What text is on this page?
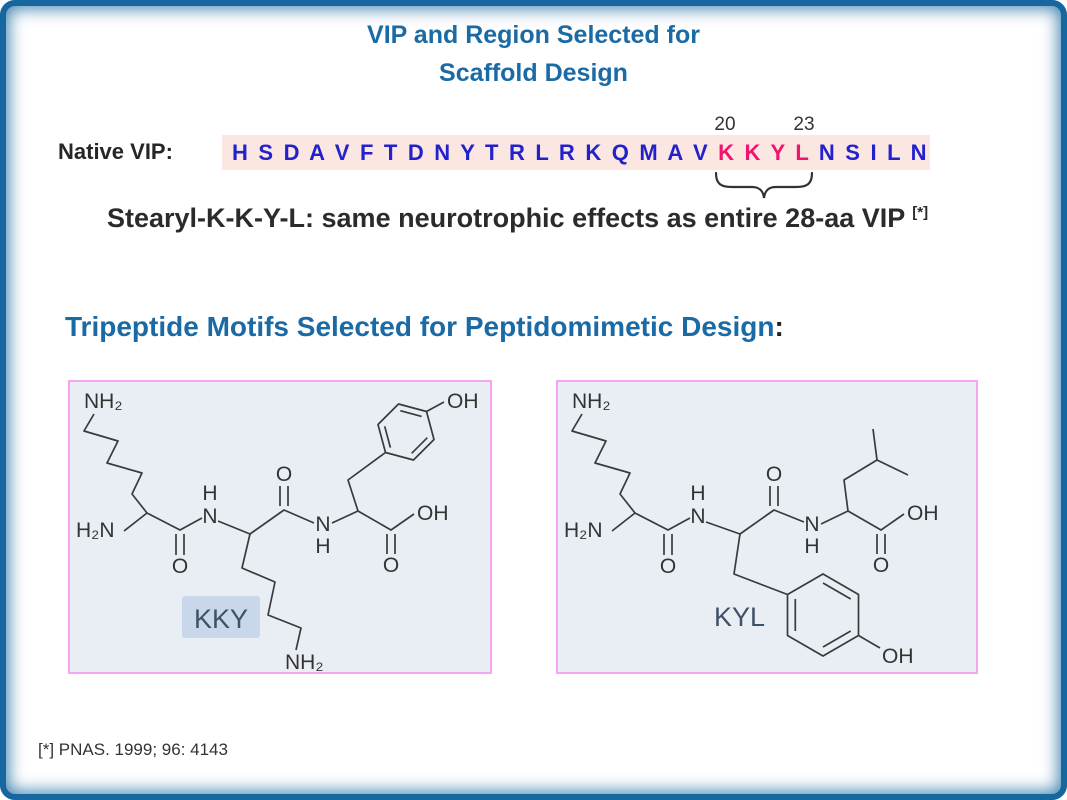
VIP and Region Selected for
Scaffold Design
Native VIP:	H S D A V F T D N Y T R L R K Q M A V K K Y L N S I L N
20	23
Stearyl-K-K-Y-L: same neurotrophic effects as entire 28-aa VIP [*]
Tripeptide Motifs Selected for Peptidomimetic Design:
NH₂
H₂N
H
N
O
O
N
H
OH
OH
O
NH₂
KKY
NH₂
H₂N
H
N
O
O
N
H
OH
O
OH
KYL
[*] PNAS. 1999; 96: 4143
